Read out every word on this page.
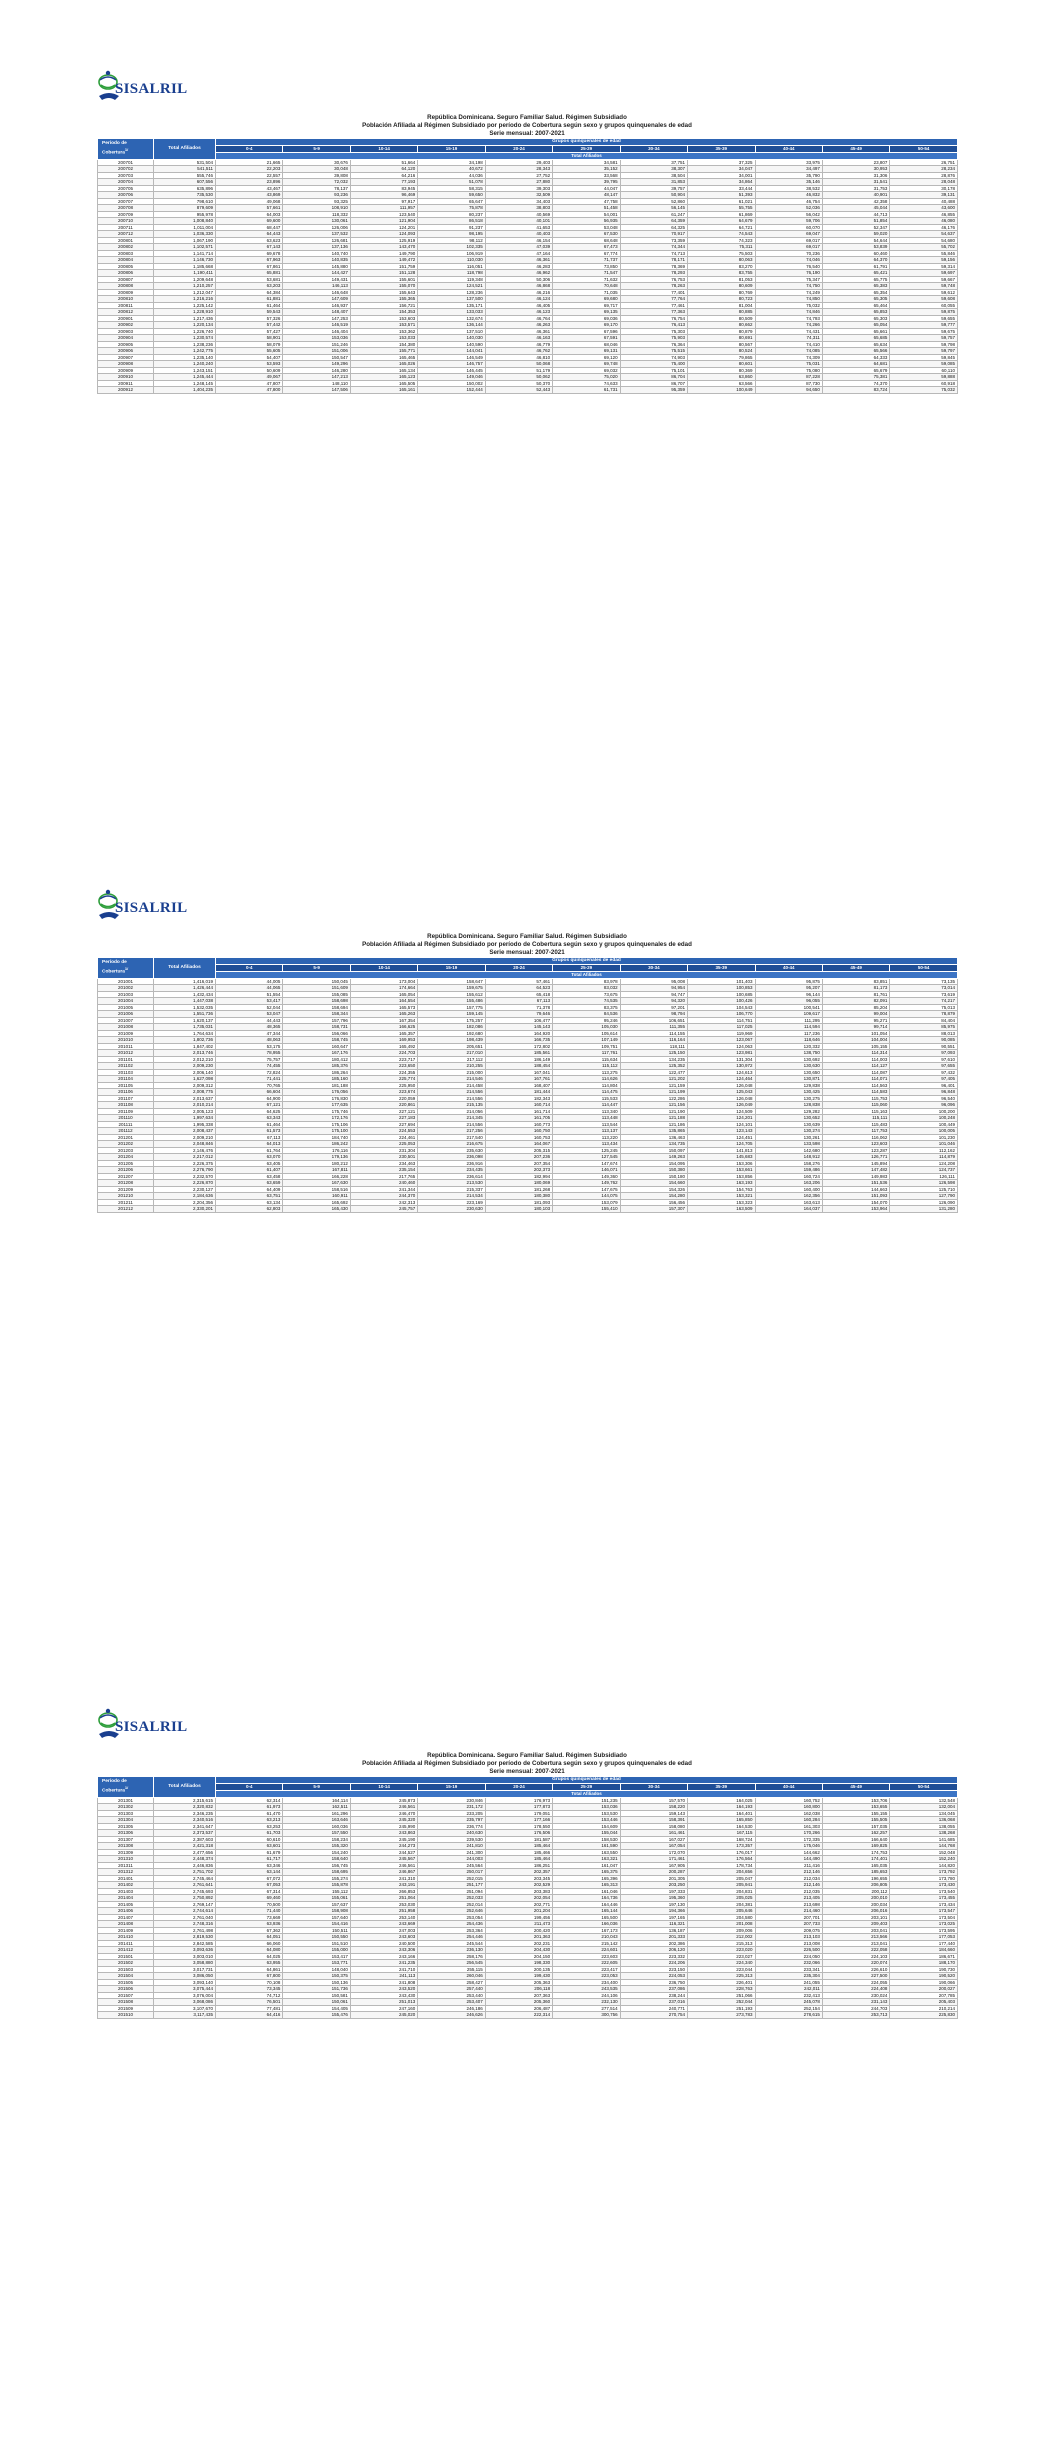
SISALRIL
República Dominicana. Seguro Familiar Salud. Régimen Subsidiado
Población Afiliada al Régimen Subsidiado por período de Cobertura según sexo y grupos quinquenales de edad
Serie mensual: 2007-2021
Período de Cobertura$^{1/}$	Total Afiliados	Grupos quinquenales de edad										
		0-4	5-9	10-14	15-19	20-24	25-29	30-34	35-39	40-44	45-49	50-54
		Total Afiliados										
200701	531,504	21,665	30,676	51,664	34,198	29,403	34,581	37,751	37,325	33,975	23,807	26,751
200702	541,511	22,203	30,048	64,120	40,672	28,343	35,152	38,307	34,047	34,497	30,953	28,234
200703	555,746	22,557	39,808	64,216	44,036	27,752	33,568	38,504	34,001	35,790	31,306	28,876
200704	607,556	23,896	72,032	77,193	51,078	27,880	39,795	31,853	34,864	35,146	31,541	28,048
200705	635,896	43,467	78,137	83,945	58,315	39,303	44,047	39,757	33,444	38,532	31,753	30,178
200706	735,530	43,869	93,236	96,469	59,650	32,509	48,147	50,904	51,393	46,832	40,901	39,131
200707	798,610	49,068	93,325	97,917	65,647	34,403	47,758	52,860	61,021	46,754	42,358	40,488
200708	879,609	57,661	108,910	111,957	75,878	38,803	51,458	56,145	55,755	52,036	45,044	43,600
200709	955,978	64,003	118,332	123,540	80,237	40,569	54,001	61,247	61,869	56,042	44,713	46,855
200710	1,008,840	69,600	130,061	121,904	86,518	40,101	56,935	64,359	64,679	59,706	51,854	46,080
200711	1,011,004	68,447	126,006	124,201	91,237	41,653	53,048	64,325	64,721	60,070	52,347	46,176
200712	1,036,330	64,443	137,532	124,093	98,195	40,403	67,530	70,917	74,543	69,047	59,020	54,637
200801	1,067,190	63,623	126,681	125,919	98,112	46,154	68,648	73,359	74,323	69,017	54,644	54,680
200802	1,102,571	67,143	137,136	143,470	102,335	47,039	67,473	74,344	75,311	69,017	53,839	55,702
200803	1,141,714	69,678	140,740	149,790	106,919	47,164	67,774	74,713	75,503	70,236	60,460	55,846
200804	1,146,730	67,963	140,835	149,472	110,030	46,361	71,737	78,171	80,063	74,046	64,370	59,156
200805	1,185,668	67,861	145,880	151,759	116,051	46,283	73,850	78,369	83,270	76,540	61,791	59,314
200806	1,190,411	65,881	144,427	151,128	118,798	46,962	71,547	78,293	83,755	76,190	65,421	59,697
200807	1,209,648	53,681	149,431	155,601	119,348	50,306	71,632	76,753	81,053	75,347	65,775	59,667
200808	1,210,257	63,203	146,113	155,070	124,521	46,868	70,648	78,263	80,609	74,750	65,383	59,748
200809	1,212,047	64,384	146,648	155,643	128,236	46,216	71,035	77,401	80,769	74,249	65,354	59,612
200810	1,216,216	61,881	147,609	155,365	137,500	46,124	69,680	77,764	80,723	74,850	65,305	59,608
200811	1,225,142	61,464	146,937	156,721	135,171	46,405	69,717	77,461	81,004	75,032	65,464	60,055
200812	1,228,910	59,543	148,407	154,353	133,033	46,123	69,135	77,363	80,885	74,846	65,853	59,875
200901	1,217,436	57,326	147,253	153,603	132,674	46,764	69,036	76,754	80,509	74,793	65,303	59,655
200902	1,220,134	57,442	146,519	153,571	136,144	46,263	69,170	76,413	80,662	74,266	65,054	59,777
200903	1,226,740	57,427	146,404	153,362	137,510	46,361	67,596	75,303	80,879	74,431	65,661	59,675
200904	1,230,574	58,901	153,036	153,033	140,030	46,163	67,591	75,903	80,691	74,311	65,685	59,757
200905	1,238,236	58,079	151,246	154,380	140,590	46,779	68,046	76,364	80,567	74,410	65,634	59,798
200906	1,242,775	55,605	151,006	155,771	144,041	46,762	69,131	75,515	80,524	74,085	65,566	59,797
200907	1,235,140	54,407	150,547	165,465	146,549	46,810	69,120	74,903	79,865	74,309	64,333	59,845
200908	1,240,240	53,593	149,296	165,026	146,757	50,068	69,748	75,400	80,601	75,031	64,681	59,085
200909	1,243,151	50,609	146,280	165,134	146,445	51,179	69,032	75,101	80,369	75,080	65,679	60,110
200910	1,245,444	49,067	147,213	165,123	149,046	50,062	75,020	86,704	63,860	87,228	75,381	59,888
200911	1,248,145	47,807	148,110	165,505	150,002	50,370	74,633	86,707	63,566	87,730	74,370	60,918
200912	1,404,235	47,800	147,506	165,161	152,444	52,443	61,731	95,359	100,649	94,650	83,724	75,032
SISALRIL
República Dominicana. Seguro Familiar Salud. Régimen Subsidiado
Población Afiliada al Régimen Subsidiado por período de Cobertura según sexo y grupos quinquenales de edad
Serie mensual: 2007-2021
Período de Cobertura$^{1/}$	Total Afiliados	Grupos quinquenales de edad										
		0-4	5-9	10-14	15-19	20-24	25-29	30-34	35-39	40-44	45-49	50-54
		Total Afiliados										
201001	1,416,019	44,005	150,045	173,004	158,647	57,461	83,978	95,008	101,403	95,875	83,851	73,135
201002	1,426,444	44,065	151,609	174,664	159,675	64,523	83,032	94,954	100,853	95,207	81,173	73,014
201003	1,432,434	51,554	155,085	165,054	155,612	65,418	73,675	94,747	100,685	96,144	81,761	73,619
201004	1,447,038	53,417	158,698	164,554	155,486	67,113	74,535	94,320	100,426	96,055	82,091	74,217
201005	1,532,035	52,044	158,694	165,573	157,775	71,378	83,375	97,201	104,543	100,541	85,204	75,013
201006	1,551,736	53,047	158,344	165,263	159,145	79,646	84,536	98,794	106,770	109,617	99,004	78,879
201007	1,620,137	44,443	157,796	167,354	175,257	106,477	95,246	106,651	114,751	111,295	95,271	84,404
201008	1,735,031	48,365	158,731	166,625	182,086	145,143	105,030	111,355	117,025	114,594	99,714	85,975
201009	1,764,634	47,344	156,066	165,357	192,680	164,920	105,614	114,155	119,969	117,236	101,054	88,013
201010	1,802,736	48,063	158,745	169,953	198,439	166,735	107,149	116,164	123,067	118,646	104,004	90,085
201011	1,847,402	53,175	160,647	165,492	205,651	172,802	109,751	118,111	124,063	120,332	105,155	90,551
201012	2,013,746	78,955	167,176	224,703	217,010	185,561	117,761	125,150	123,981	138,750	114,314	97,093
201101	2,012,210	75,757	180,412	223,717	217,112	186,149	115,634	134,235	131,304	130,692	114,003	97,610
201102	2,009,230	74,455	185,376	223,650	210,255	188,454	115,112	125,352	130,972	130,630	114,127	97,655
201103	2,006,140	72,824	186,264	224,355	215,000	167,041	113,275	122,477	124,613	130,650	114,087	97,432
201104	1,627,098	71,441	185,160	225,774	214,546	167,761	114,626	121,202	124,464	130,871	114,071	97,405
201105	2,009,312	70,765	181,188	225,950	214,458	168,407	114,804	121,159	126,048	129,838	114,563	96,401
201106	2,008,775	66,604	176,056	223,674	214,556	181,444	114,475	121,199	125,043	130,425	114,583	96,848
201107	2,013,637	64,900	176,830	220,059	214,556	182,343	115,533	122,286	126,048	130,275	115,753	96,540
201108	2,010,214	67,121	177,635	220,861	215,135	160,714	114,447	121,156	126,049	128,838	115,060	96,096
201109	2,005,123	64,625	175,746	227,121	214,056	161,714	113,340	121,190	124,509	129,282	115,163	100,200
201110	1,997,634	63,343	172,176	227,183	214,345	161,705	113,448	121,188	124,201	130,652	115,111	100,248
201111	1,995,338	61,464	175,106	227,694	214,556	160,773	113,544	121,186	124,101	130,639	115,483	100,449
201112	2,008,437	61,573	175,100	224,553	217,256	160,750	113,137	135,865	123,143	130,274	117,753	100,005
201201	2,009,210	67,113	184,740	224,461	217,540	160,753	113,220	136,463	124,451	130,261	116,062	101,230
201202	2,048,846	64,013	186,242	225,053	216,675	164,067	113,434	134,735	124,705	133,598	123,603	101,046
201203	2,146,476	61,764	176,116	231,304	235,630	205,315	125,245	150,097	141,813	142,680	123,287	112,162
201204	2,217,012	63,070	179,136	230,501	236,098	207,236	127,545	149,263	145,683	148,912	126,771	114,879
201205	2,226,375	63,405	180,212	234,463	236,916	207,354	147,674	154,095	153,306	158,276	145,894	124,208
201206	2,276,790	61,407	167,811	235,154	234,435	202,373	146,071	150,380	153,661	159,486	147,482	124,737
201207	2,232,570	63,458	166,228	217,765	236,614	182,994	149,360	150,180	153,856	160,724	149,983	126,111
201208	2,226,870	63,659	167,630	240,460	213,530	180,069	149,762	154,660	163,193	163,206	151,536	126,598
201209	2,230,127	64,409	158,516	241,344	215,337	181,268	147,675	154,326	154,763	160,400	144,663	125,710
201210	2,184,636	63,751	160,911	244,370	214,534	180,380	144,075	154,280	153,321	162,356	151,093	127,790
201211	2,204,356	63,134	165,692	242,313	223,169	181,093	153,079	156,456	153,323	163,613	154,070	126,090
201212	2,330,201	62,803	165,430	245,757	230,630	180,103	155,410	157,307	163,509	164,037	153,964	131,280
SISALRIL
República Dominicana. Seguro Familiar Salud. Régimen Subsidiado
Población Afiliada al Régimen Subsidiado por período de Cobertura según sexo y grupos quinquenales de edad
Serie mensual: 2007-2021
Período de Cobertura$^{1/}$	Total Afiliados	Grupos quinquenales de edad										
		0-4	5-9	10-14	15-19	20-24	25-29	30-34	35-39	40-44	45-49	50-54
		Total Afiliados										
201301	2,315,615	62,314	164,114	245,873	230,846	176,973	151,235	157,570	164,025	160,752	153,706	132,548
201302	2,320,832	61,973	162,511	246,561	231,172	177,873	153,036	158,220	164,193	160,800	153,655	132,004
201303	2,346,235	61,470	161,296	246,470	233,205	179,051	153,530	159,143	164,401	162,038	155,155	134,045
201304	2,340,516	63,213	163,646	245,320	235,797	177,166	153,446	158,391	165,850	160,284	155,505	136,068
201305	2,341,647	63,253	160,036	245,990	236,774	178,550	154,609	158,080	164,530	161,303	157,035	138,055
201306	2,373,537	61,703	157,550	243,863	240,630	176,506	155,044	161,461	167,115	170,266	162,257	138,268
201307	2,387,603	60,610	158,234	245,190	239,530	181,587	158,530	167,027	168,724	172,335	166,640	141,685
201308	2,421,318	63,601	155,320	244,273	241,810	185,464	161,590	167,054	173,357	175,046	169,825	144,768
201309	2,477,656	61,679	154,240	244,527	241,300	185,466	163,550	172,070	176,017	144,662	174,753	152,048
201310	2,448,374	61,717	158,640	245,567	244,003	185,464	163,321	171,461	176,564	144,490	174,401	152,240
201311	2,446,836	63,346	156,745	246,561	245,564	186,251	161,047	167,905	178,734	211,416	165,035	144,820
201312	2,751,702	63,144	158,695	246,867	250,017	202,357	165,375	200,287	204,656	212,146	185,653	173,792
201401	2,745,464	67,072	155,274	241,310	252,015	203,345	165,396	201,305	205,047	212,034	196,655	173,780
201402	2,761,641	67,053	155,878	243,191	251,177	202,529	165,313	203,250	205,941	212,146	206,805	173,430
201403	2,745,693	67,314	155,112	266,853	251,094	203,383	161,046	197,333	204,831	212,035	200,112	173,540
201404	2,750,892	69,460	155,061	251,064	252,033	202,054	164,736	195,360	205,025	213,405	200,010	173,455
201405	2,769,147	70,500	157,637	253,030	252,014	202,771	164,446	197,130	204,381	213,698	200,034	173,434
201406	2,744,614	71,440	158,908	251,958	252,646	201,204	165,144	194,366	205,646	214,460	206,016	173,547
201407	2,761,040	73,669	157,640	253,140	253,054	199,456	165,500	197,165	204,580	207,701	203,101	173,504
201408	2,748,316	63,936	154,416	243,669	254,436	211,473	166,036	116,321	201,008	207,733	209,403	173,025
201409	2,761,498	67,362	150,511	247,003	253,364	200,420	167,173	136,187	209,006	209,075	203,041	173,595
201410	2,819,530	64,051	150,550	243,603	254,446	201,363	210,043	201,333	212,002	213,103	213,566	177,053
201411	2,842,585	66,060	151,510	240,500	245,544	202,231	215,142	202,386	215,313	213,008	213,041	177,440
201412	3,093,636	64,080	155,000	243,306	236,130	204,430	224,601	206,120	223,020	226,500	222,058	184,660
201501	3,003,010	64,025	153,417	243,166	258,176	204,150	223,603	223,332	223,027	224,050	224,103	186,671
201502	3,058,880	63,955	153,771	241,235	256,545	198,330	222,605	224,206	224,340	232,066	220,074	188,170
201503	3,017,731	64,861	148,040	241,710	255,115	200,135	223,417	223,150	223,044	233,341	226,610	190,730
201504	3,086,050	67,800	150,375	241,113	260,046	199,430	223,053	224,053	225,313	235,304	227,500	190,520
201505	3,093,140	70,108	150,136	241,808	258,427	205,363	234,400	236,750	226,401	241,055	224,055	190,066
201506	3,075,444	73,345	151,736	243,520	257,440	206,118	243,535	237,086	228,763	242,011	224,408	200,027
201507	3,076,004	74,712	150,581	243,430	253,440	207,363	244,106	238,244	251,066	232,413	230,024	207,785
201508	3,068,086	76,501	150,061	251,013	253,407	205,360	232,130	237,016	252,044	245,078	231,143	205,403
201509	3,107,670	77,481	154,405	247,160	246,186	206,487	277,514	240,771	251,193	252,154	244,703	210,214
201510	3,117,435	64,416	155,476	245,020	246,626	222,314	300,756	270,754	273,783	278,615	253,713	225,830
